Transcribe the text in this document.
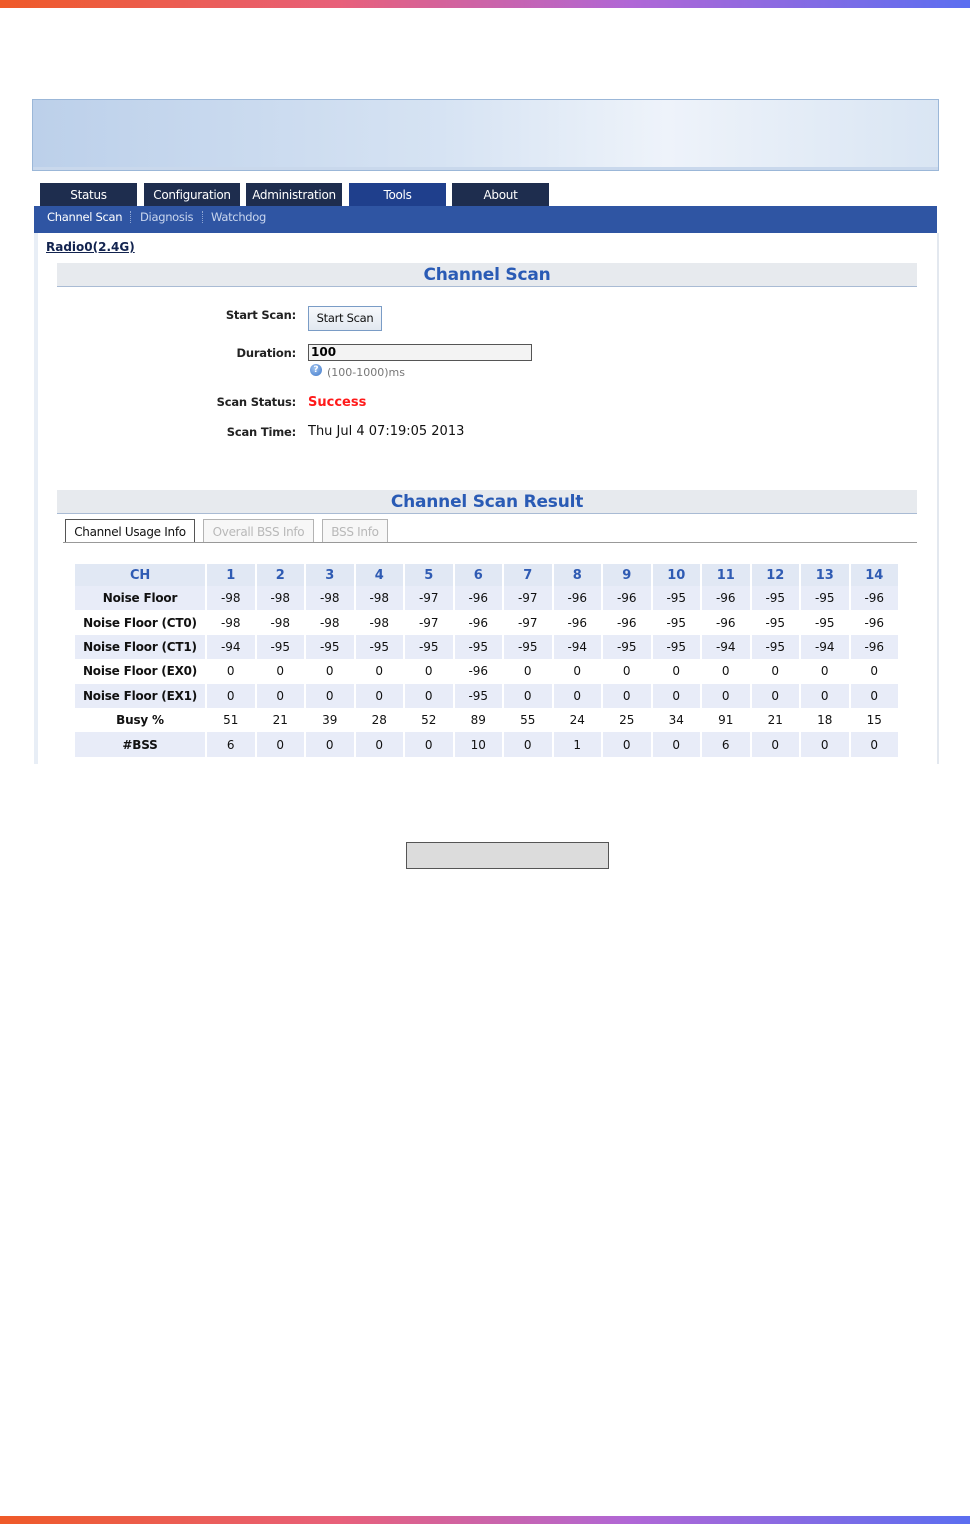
Status	Configuration	Administration	Tools	About
Channel Scan Diagnosis Watchdog
Radio0(2.4G)
Channel Scan
Start Scan:	Start Scan
Duration: 100
? (100-1000)ms
Scan Status: Success
Scan Time: Thu Jul 4 07:19:05 2013
Channel Scan Result
Channel Usage Info	Overall BSS Info	BSS Info
CH	1	2	3	4	5	6	7	8	9	10	11	12	13	14
Noise Floor	-98	-98	-98	-98	-97	-96	-97	-96	-96	-95	-96	-95	-95	-96
Noise Floor (CT0)	-98	-98	-98	-98	-97	-96	-97	-96	-96	-95	-96	-95	-95	-96
Noise Floor (CT1)	-94	-95	-95	-95	-95	-95	-95	-94	-95	-95	-94	-95	-94	-96
Noise Floor (EX0)	0	0	0	0	0	-96	0	0	0	0	0	0	0	0
Noise Floor (EX1)	0	0	0	0	0	-95	0	0	0	0	0	0	0	0
Busy %	51	21	39	28	52	89	55	24	25	34	91	21	18	15
#BSS	6	0	0	0	0	10	0	1	0	0	6	0	0	0
